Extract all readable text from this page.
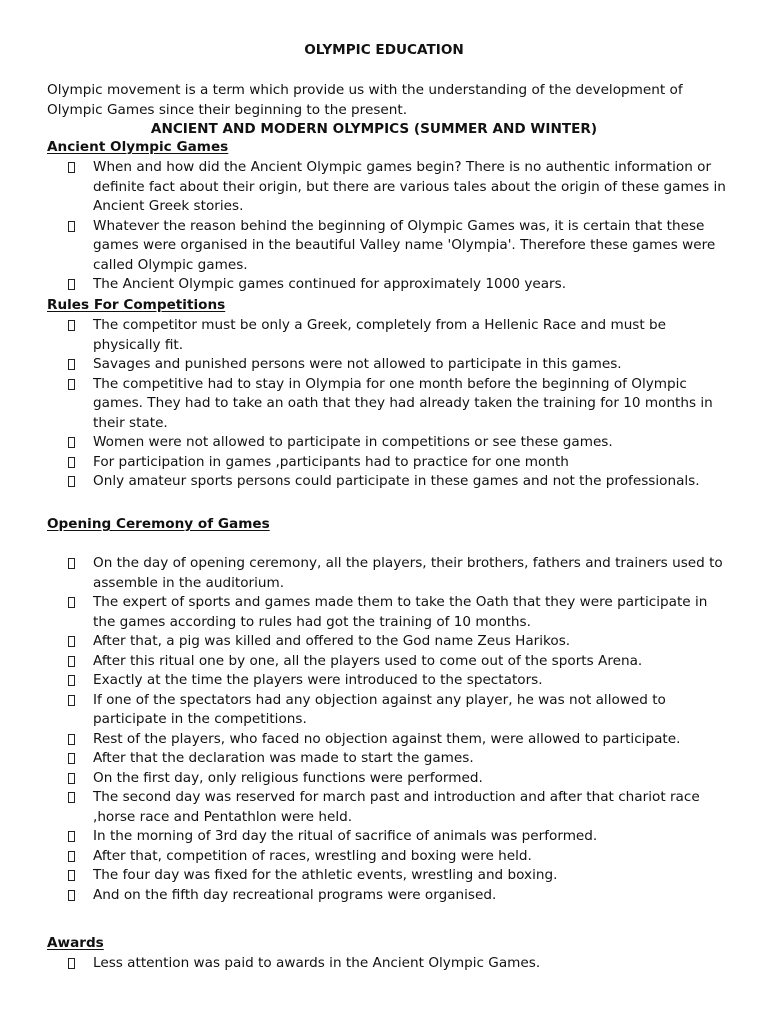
OLYMPIC EDUCATION
Olympic movement is a term which provide us with the understanding of the development of Olympic Games since their beginning to the present.
ANCIENT AND MODERN OLYMPICS (SUMMER AND WINTER)
Ancient Olympic Games
When and how did the Ancient Olympic games begin? There is no authentic information or definite fact about their origin, but there are various tales about the origin of these games in Ancient Greek stories.
Whatever the reason behind the beginning of Olympic Games was, it is certain that these games were organised in the beautiful Valley name 'Olympia'. Therefore these games were called Olympic games.
The Ancient Olympic games continued for approximately 1000 years.
Rules For Competitions
The competitor must be only a Greek, completely from a Hellenic Race and must be physically fit.
Savages and punished persons were not allowed to participate in this games.
The competitive had to stay in Olympia for one month before the beginning of Olympic games. They had to take an oath that they had already taken the training for 10 months in their state.
Women were not allowed to participate in competitions or see these games.
For participation in games ,participants had to practice for one month
Only amateur sports persons could participate in these games and not the professionals.
Opening Ceremony of Games
On the day of opening ceremony, all the players, their brothers, fathers and trainers used to assemble in the auditorium.
The expert of sports and games made them to take the Oath that they were participate in the games according to rules had got the training of 10 months.
After that, a pig was killed and offered to the God name Zeus Harikos.
After this ritual one by one, all the players used to come out of the sports Arena.
Exactly at the time the players were introduced to the spectators.
If one of the spectators had any objection against any player, he was not allowed to participate in the competitions.
Rest of the players, who faced no objection against them, were allowed to participate.
After that the declaration was made to start the games.
On the first day, only religious functions were performed.
The second day was reserved for march past and introduction and after that chariot race ,horse race and Pentathlon were held.
In the morning of 3rd day the ritual of sacrifice of animals was performed.
After that, competition of races, wrestling and boxing were held.
The four day was fixed for the athletic events, wrestling and boxing.
And on the fifth day recreational programs were organised.
Awards
Less attention was paid to awards in the Ancient Olympic Games.
